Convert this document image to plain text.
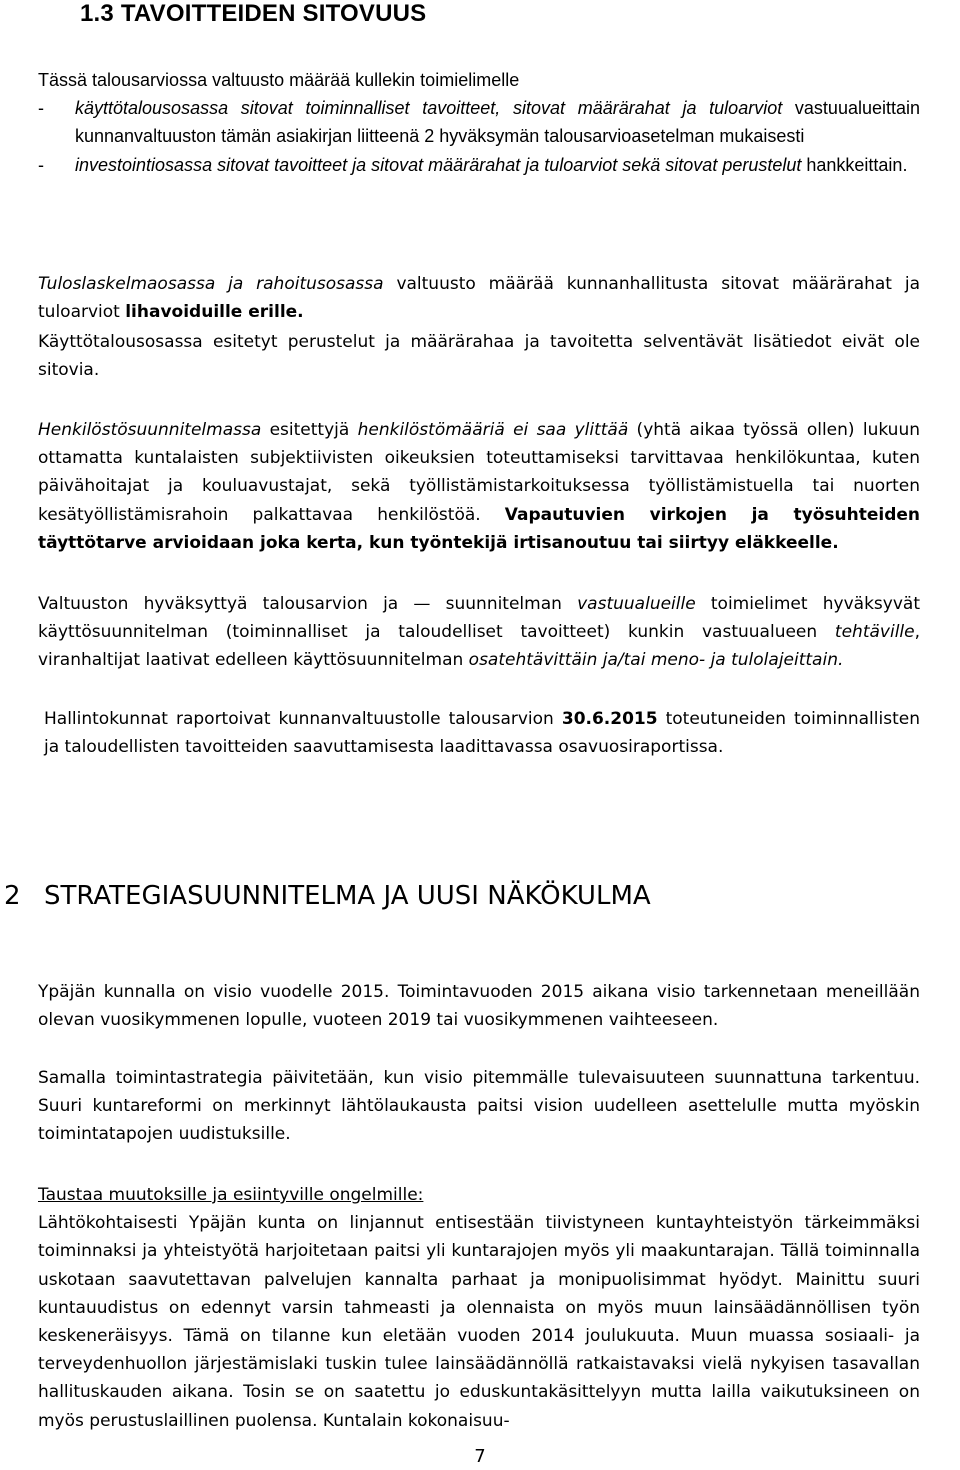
1.3 TAVOITTEIDEN SITOVUUS
Tässä talousarviossa valtuusto määrää kullekin toimielimelle
-	käyttötalousosassa sitovat toiminnalliset tavoitteet, sitovat määrärahat ja tuloarviot vastuualueittain kunnanvaltuuston tämän asiakirjan liitteenä 2 hyväksymän talousarvioasetelman mukaisesti
-	investointiosassa sitovat tavoitteet ja sitovat määrärahat ja tuloarviot sekä sitovat perustelut hankkeittain.
Tuloslaskelmaosassa ja rahoitusosassa valtuusto määrää kunnanhallitusta sitovat määrärahat ja tuloarviot lihavoiduille erille.
Käyttötalousosassa esitetyt perustelut ja määrärahaa ja tavoitetta selventävät lisätiedot eivät ole sitovia.
Henkilöstösuunnitelmassa esitettyjä henkilöstömääriä ei saa ylittää (yhtä aikaa työssä ollen) lukuun ottamatta kuntalaisten subjektiivisten oikeuksien toteuttamiseksi tarvittavaa henkilökuntaa, kuten päivähoitajat ja kouluavustajat, sekä työllistämistarkoituksessa työllistämistuella tai nuorten kesätyöllistämisrahoin palkattavaa henkilöstöä. Vapautuvien virkojen ja työsuhteiden täyttötarve arvioidaan joka kerta, kun työntekijä irtisanoutuu tai siirtyy eläkkeelle.
Valtuuston hyväksyttyä talousarvion ja — suunnitelman vastuualueille toimielimet hyväksyvät käyttösuunnitelman (toiminnalliset ja taloudelliset tavoitteet) kunkin vastuualueen tehtäville, viranhaltijat laativat edelleen käyttösuunnitelman osatehtävittäin ja/tai meno- ja tulolajeittain.
Hallintokunnat raportoivat kunnanvaltuustolle talousarvion 30.6.2015 toteutuneiden toiminnallisten ja taloudellisten tavoitteiden saavuttamisesta laadittavassa osavuosiraportissa.
2 STRATEGIASUUNNITELMA JA UUSI NÄKÖKULMA
Ypäjän kunnalla on visio vuodelle 2015. Toimintavuoden 2015 aikana visio tarkennetaan meneillään olevan vuosikymmenen lopulle, vuoteen 2019 tai vuosikymmenen vaihteeseen.
Samalla toimintastrategia päivitetään, kun visio pitemmälle tulevaisuuteen suunnattuna tarkentuu. Suuri kuntareformi on merkinnyt lähtölaukausta paitsi vision uudelleen asettelulle mutta myöskin toimintatapojen uudistuksille.
Taustaa muutoksille ja esiintyville ongelmille:
Lähtökohtaisesti Ypäjän kunta on linjannut entisestään tiivistyneen kuntayhteistyön tärkeimmäksi toiminnaksi ja yhteistyötä harjoitetaan paitsi yli kuntarajojen myös yli maakuntarajan. Tällä toiminnalla uskotaan saavutettavan palvelujen kannalta parhaat ja monipuolisimmat hyödyt. Mainittu suuri kuntauudistus on edennyt varsin tahmeasti ja olennaista on myös muun lainsäädännöllisen työn keskeneräisyys. Tämä on tilanne kun eletään vuoden 2014 joulukuuta. Muun muassa sosiaali- ja terveydenhuollon järjestämislaki tuskin tulee lainsäädännöllä ratkaistavaksi vielä nykyisen tasavallan hallituskauden aikana. Tosin se on saatettu jo eduskuntakäsittelyyn mutta lailla vaikutuksineen on myös perustuslaillinen puolensa. Kuntalain kokonaisuu-
7
